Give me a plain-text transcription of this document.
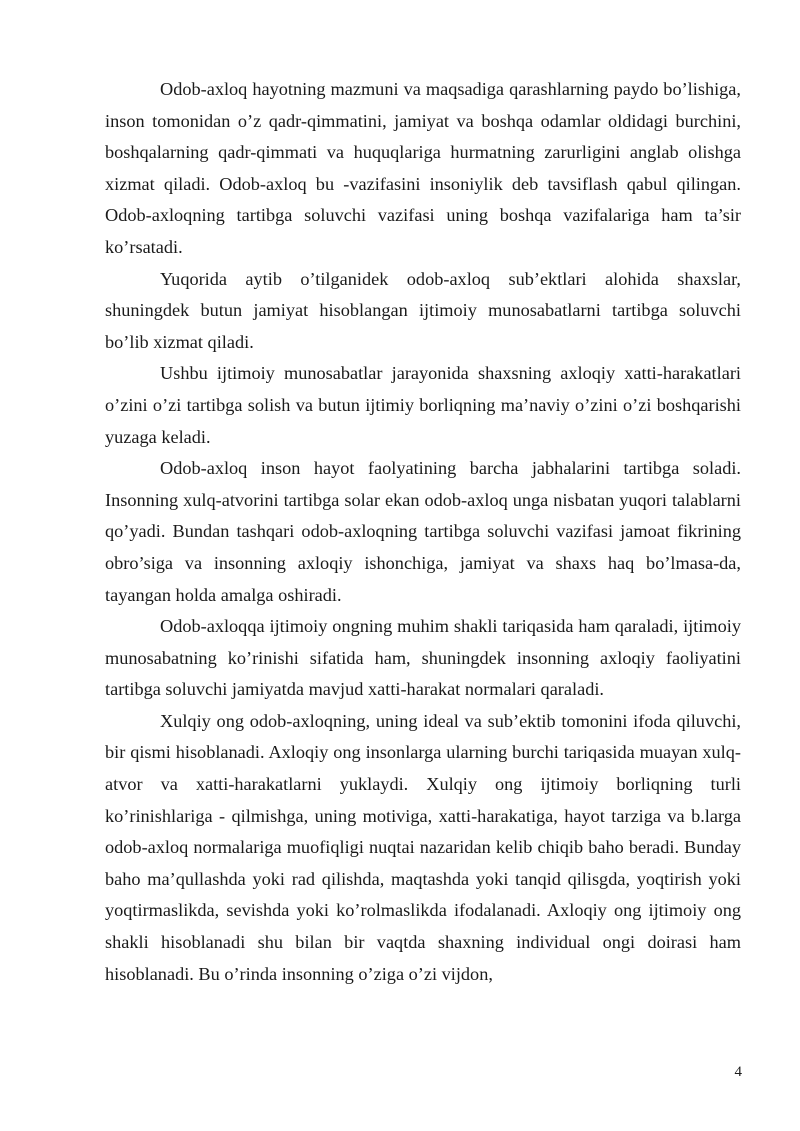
Odob-axloq hayotning mazmuni va maqsadiga qarashlarning paydo bo’lishiga, inson tomonidan o’z qadr-qimmatini, jamiyat va boshqa odamlar oldidagi burchini, boshqalarning qadr-qimmati va huquqlariga hurmatning zarurligini anglab olishga xizmat qiladi. Odob-axloq bu -vazifasini insoniylik deb tavsiflash qabul qilingan. Odob-axloqning tartibga soluvchi vazifasi uning boshqa vazifalariga ham ta’sir ko’rsatadi.

Yuqorida aytib o’tilganidek odob-axloq sub’ektlari alohida shaxslar, shuningdek butun jamiyat hisoblangan ijtimoiy munosabatlarni tartibga soluvchi bo’lib xizmat qiladi.

Ushbu ijtimoiy munosabatlar jarayonida shaxsning axloqiy xatti-harakatlari o’zini o’zi tartibga solish va butun ijtimiy borliqning ma’naviy o’zini o’zi boshqarishi yuzaga keladi.

Odob-axloq inson hayot faolyatining barcha jabhalarini tartibga soladi. Insonning xulq-atvorini tartibga solar ekan odob-axloq unga nisbatan yuqori talablarni qo’yadi. Bundan tashqari odob-axloqning tartibga soluvchi vazifasi jamoat fikrining obro’siga va insonning axloqiy ishonchiga, jamiyat va shaxs haq bo’lmasa-da, tayangan holda amalga oshiradi.

Odob-axloqqa ijtimoiy ongning muhim shakli tariqasida ham qaraladi, ijtimoiy munosabatning ko’rinishi sifatida ham, shuningdek insonning axloqiy faoliyatini tartibga soluvchi jamiyatda mavjud xatti-harakat normalari qaraladi.

Xulqiy ong odob-axloqning, uning ideal va sub’ektib tomonini ifoda qiluvchi, bir qismi hisoblanadi. Axloqiy ong insonlarga ularning burchi tariqasida muayan xulq-atvor va xatti-harakatlarni yuklaydi. Xulqiy ong ijtimoiy borliqning turli ko’rinishlariga - qilmishga, uning motiviga, xatti-harakatiga, hayot tarziga va b.larga odob-axloq normalariga muofiqligi nuqtai nazaridan kelib chiqib baho beradi. Bunday baho ma’qullashda yoki rad qilishda, maqtashda yoki tanqid qilisgda, yoqtirish yoki yoqtirmaslikda, sevishda yoki ko’rolmaslikda ifodalanadi. Axloqiy ong ijtimoiy ong shakli hisoblanadi shu bilan bir vaqtda shaxning individual ongi doirasi ham hisoblanadi. Bu o’rinda insonning o’ziga o’zi vijdon,

4
